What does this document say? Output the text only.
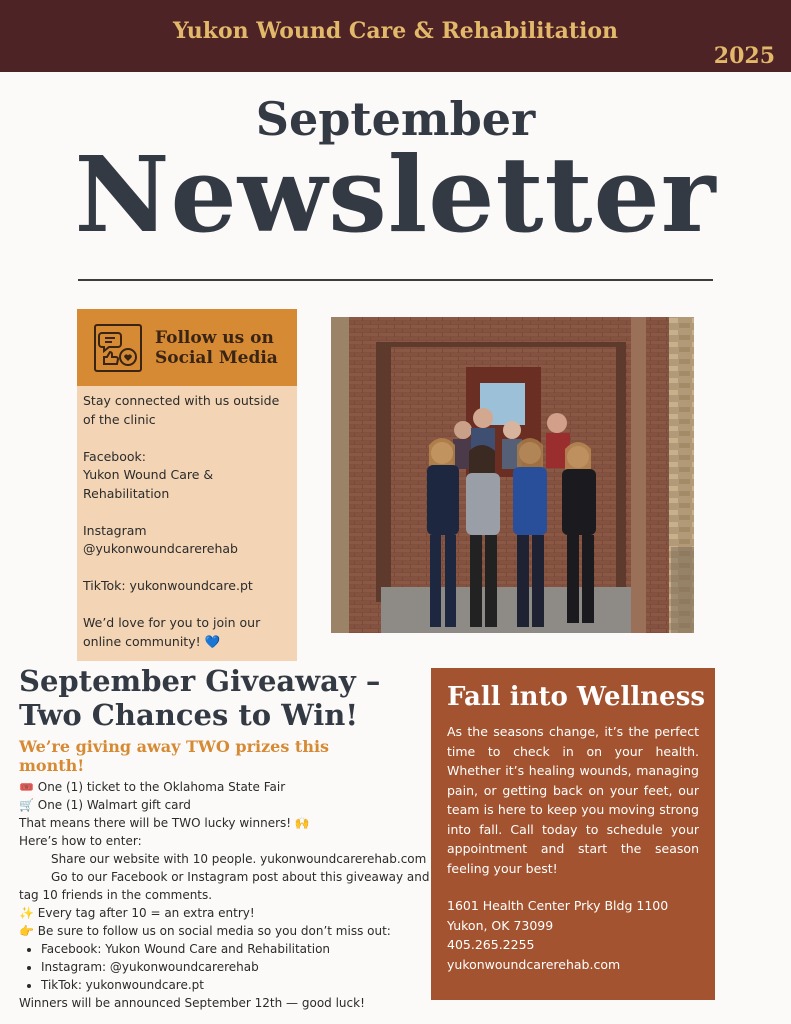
Yukon Wound Care & Rehabilitation
2025
September
Newsletter
Follow us on Social Media

Stay connected with us outside of the clinic

Facebook:
Yukon Wound Care & Rehabilitation

Instagram
@yukonwoundcarerehab

TikTok: yukonwoundcare.pt

We’d love for you to join our online community! 💙

September Giveaway – Two Chances to Win!
We’re giving away TWO prizes this month!
🎟️ One (1) ticket to the Oklahoma State Fair
🛒 One (1) Walmart gift card
That means there will be TWO lucky winners! 🙌
Here’s how to enter:
Share our website with 10 people. yukonwoundcarerehab.com
Go to our Facebook or Instagram post about this giveaway and
tag 10 friends in the comments.
✨ Every tag after 10 = an extra entry!
👉 Be sure to follow us on social media so you don’t miss out:
• Facebook: Yukon Wound Care and Rehabilitation
• Instagram: @yukonwoundcarerehab
• TikTok: yukonwoundcare.pt
Winners will be announced September 12th — good luck!
Fall into Wellness
As the seasons change, it’s the perfect time to check in on your health. Whether it’s healing wounds, managing pain, or getting back on your feet, our team is here to keep you moving strong into fall. Call today to schedule your appointment and start the season feeling your best!
1601 Health Center Prky Bldg 1100
Yukon, OK 73099
405.265.2255
yukonwoundcarerehab.com
